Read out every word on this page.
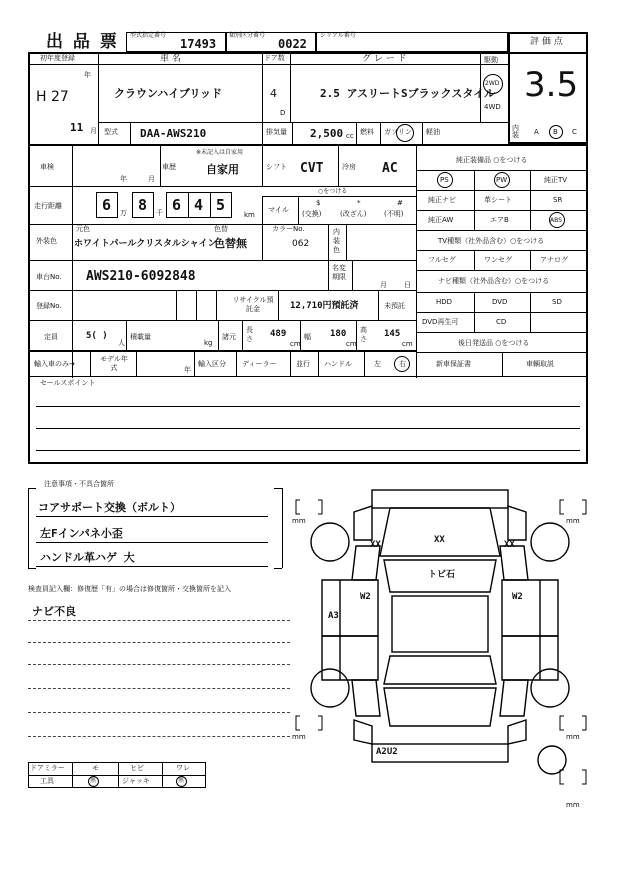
出 品 票 型式指定番号
17493
類別区分番号
0022
シリアル番号
評 価 点
3.5
初年度登録	車 名	ドア数	グ レ ー ド	駆動
H 27
年
11 月
クラウンハイブリッド	4
D
2.5 アスリートSブラックスタイル
2WD
4WD
型式 DAA-AWS210	排気量 2,500 cc 燃料 ガソリン 軽油	内装 A B C
車検
年	月
車歴
※未記入は自家用
自家用	シフト CVT	冷房 AC
走行距離	6 万 8 千 6 4 5
km
マイル
○をつける
$
(交換)
*
(改ざん)
#
(不明)
外装色
元色
ホワイトパールクリスタルシャイン
色替
色替無
カラーNo.
062
内装色
車台No. AWS210-6092848
名変期限
月 日
登録No.
リサイクル預託金	12,710円預託済	未預託
定員	5( )
人
積載量
kg
諸元
長さ 489
cm
幅 180
cm
高さ 145
cm
輸入車のみ→
モデル年式	年
輸入区分 ディーラー	並行 ハンドル	左	右
純正装備品 ○をつける
PS	PW	純正TV
純正ナビ	革シート	SR
純正AW	エアB	ABS
TV種類（社外品含む）○をつける
フルセグ	ワンセグ	アナログ
ナビ種類（社外品含む）○をつける
HDD	DVD	SD
DVD再生可	CD
後日発送品 ○をつける
新車保証書	車輌取説
セールスポイント
注意事項・不具合箇所
コアサポート交換（ボルト）
左Fインパネ小歪
ハンドル革ハゲ 大
検査員記入欄：修復歴「有」の場合は修復箇所・交換箇所を記入
ナビ不良
ドアミラー	モ	ヒビ	ワレ
工具	無	ジャッキ	無
XX	XX	XX
トビ石
W2	W2
A3
A2U2
mm	mm
mm	mm
mm
